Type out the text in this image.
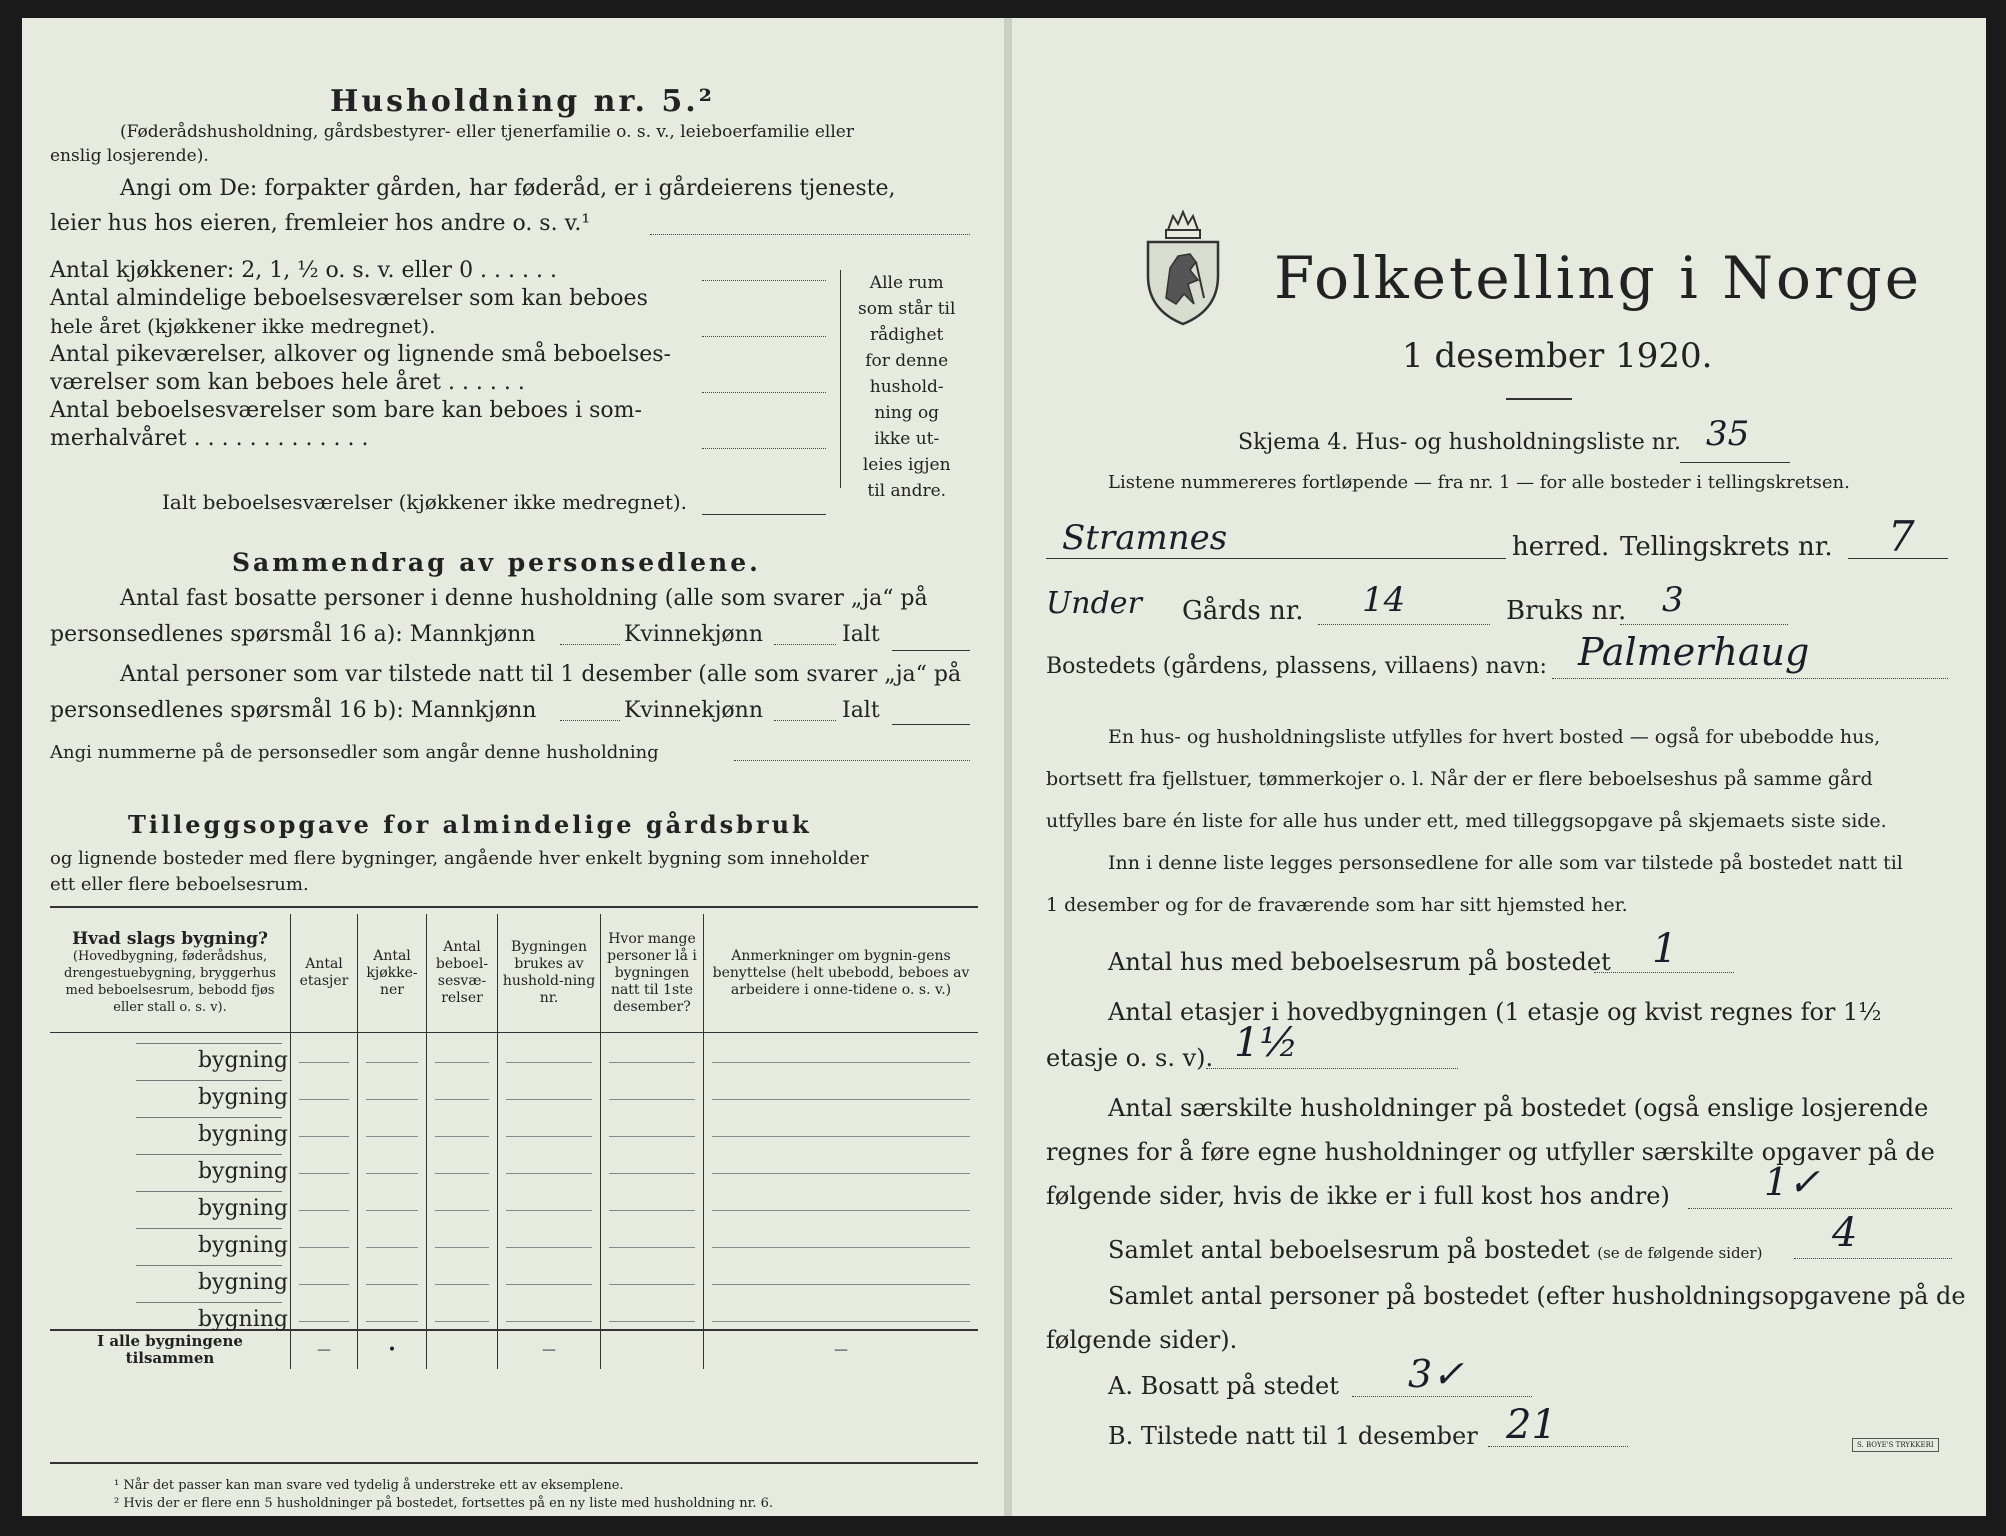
Husholdning nr. 5.²
(Føderådshusholdning, gårdsbestyrer- eller tjenerfamilie o. s. v., leieboerfamilie eller
enslig losjerende).
Angi om De: forpakter gården, har føderåd, er i gårdeierens tjeneste,
leier hus hos eieren, fremleier hos andre o. s. v.¹
Antal kjøkkener: 2, 1, ½ o. s. v. eller 0 . . . . . .
Antal almindelige beboelsesværelser som kan beboes
hele året (kjøkkener ikke medregnet).
Antal pikeværelser, alkover og lignende små beboelses-
værelser som kan beboes hele året . . . . . .
Antal beboelsesværelser som bare kan beboes i som-
merhalvåret . . . . . . . . . . . . .
Alle rum
som står til
rådighet
for denne
hushold-
ning og
ikke ut-
leies igjen
til andre.
Ialt beboelsesværelser (kjøkkener ikke medregnet).
Sammendrag av personsedlene.
Antal fast bosatte personer i denne husholdning (alle som svarer „ja“ på
personsedlenes spørsmål 16 a): Mannkjønn	Kvinnekjønn	Ialt
Antal personer som var tilstede natt til 1 desember (alle som svarer „ja“ på
personsedlenes spørsmål 16 b): Mannkjønn	Kvinnekjønn	Ialt
Angi nummerne på de personsedler som angår denne husholdning
Tilleggsopgave for almindelige gårdsbruk
og lignende bosteder med flere bygninger, angående hver enkelt bygning som inneholder
ett eller flere beboelsesrum.
Hvad slags bygning?
(Hovedbygning, føderådshus, drengestuebygning, bryggerhus med beboelsesrum, bebodd fjøs eller stall o. s. v).	Antal etasjer	Antal kjøkke-ner	Antal beboel-sesvæ-relser	Bygningen brukes av hushold-ning nr.	Hvor mange personer lå i bygningen natt til 1ste desember?	Anmerkninger om bygnin-gens benyttelse (helt ubebodd, beboes av arbeidere i onne-tidene o. s. v.)
bygning	

bygning	

bygning	

bygning	

bygning	

bygning	

bygning	

bygning	

I alle bygningene tilsammen	—	•		—		—
¹ Når det passer kan man svare ved tydelig å understreke ett av eksemplene.
² Hvis der er flere enn 5 husholdninger på bostedet, fortsettes på en ny liste med husholdning nr. 6.
Folketelling i Norge
1 desember 1920.
Skjema 4. Hus- og husholdningsliste nr. 35
Listene nummereres fortløpende — fra nr. 1 — for alle bosteder i tellingskretsen.
Stramnes	herred. Tellingskrets nr. 7
Under Gårds nr. 14	Bruks nr. 3
Bostedets (gårdens, plassens, villaens) navn: Palmerhaug
En hus- og husholdningsliste utfylles for hvert bosted — også for ubebodde hus,
bortsett fra fjellstuer, tømmerkojer o. l. Når der er flere beboelseshus på samme gård
utfylles bare én liste for alle hus under ett, med tilleggsopgave på skjemaets siste side.
Inn i denne liste legges personsedlene for alle som var tilstede på bostedet natt til
1 desember og for de fraværende som har sitt hjemsted her.
Antal hus med beboelsesrum på bostedet 1
Antal etasjer i hovedbygningen (1 etasje og kvist regnes for 1½
etasje o. s. v). 1½
Antal særskilte husholdninger på bostedet (også enslige losjerende
regnes for å føre egne husholdninger og utfyller særskilte opgaver på de
følgende sider, hvis de ikke er i full kost hos andre) 1✓
Samlet antal beboelsesrum på bostedet (se de følgende sider) 4
Samlet antal personer på bostedet (efter husholdningsopgavene på de
følgende sider).
A. Bosatt på stedet 3✓
B. Tilstede natt til 1 desember 21	S. BOYE'S TRYKKERI
